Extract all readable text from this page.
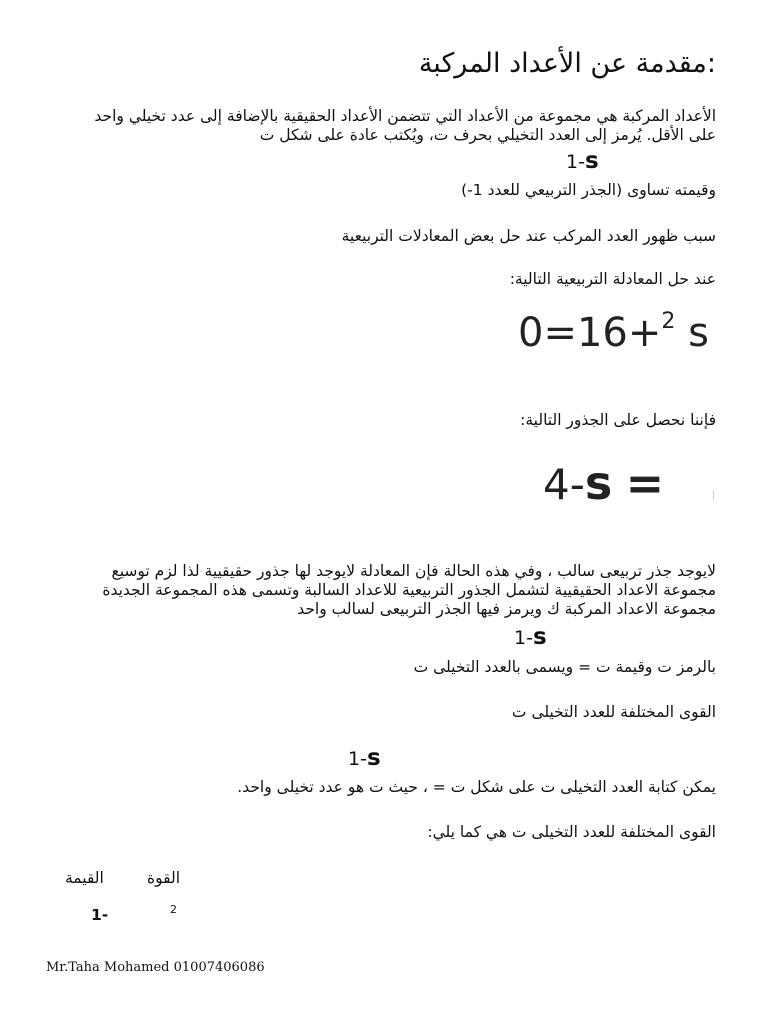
:مقدمة عن الأعداد المركبة
الأعداد المركبة هي مجموعة من الأعداد التي تتضمن الأعداد الحقيقية بالإضافة إلى عدد تخيلي واحد على الأقل. يُرمز إلى العدد التخيلي بحرف ت، ويُكتب عادة على شكل ت
1-s
وقيمته تساوى (الجذر التربيعي للعدد 1-)
سبب ظهور العدد المركب عند حل بعض المعادلات التربيعية
عند حل المعادلة التربيعية التالية:
0=16+$^2$ s
فإننا نحصل على الجذور التالية:
4-s =
لايوجد جذر تربيعى سالب ، وفي هذه الحالة فإن المعادلة لايوجد لها جذور حقيقيية لذا لزم توسيع مجموعة الاعداد الحقيقيية لتشمل الجذور التربيعية للاعداد السالبة وتسمى هذه المجموعة الجديدة مجموعة الاعداد المركبة ك ويرمز فيها الجذر التربيعى لسالب واحد
1-s
بالرمز ت وقيمة ت = ويسمى بالعدد التخيلى ت
القوى المختلفة للعدد التخيلى ت
1-s
يمكن كتابة العدد التخيلى ت على شكل ت = ، حيث ت هو عدد تخيلى واحد.
القوى المختلفة للعدد التخيلى ت هي كما يلي:
القوة
القيمة
2
1-
Mr.Taha Mohamed 01007406086
